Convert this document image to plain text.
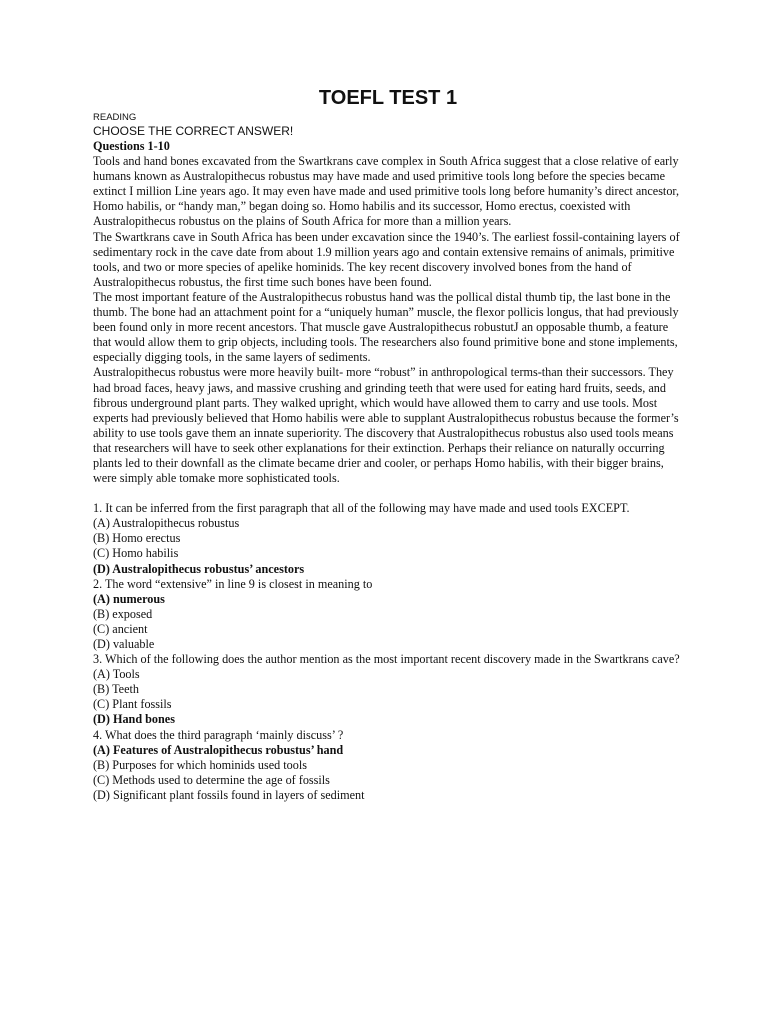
TOEFL TEST 1
READING
CHOOSE THE CORRECT ANSWER!
Questions 1-10

Tools and hand bones excavated from the Swartkrans cave complex in South Africa suggest that a close relative of early humans known as Australopithecus robustus may have made and used primitive tools long before the species became extinct I million Line years ago. It may even have made and used primitive tools long before humanity’s direct ancestor, Homo habilis, or “handy man,” began doing so. Homo habilis and its successor, Homo erectus, coexisted with Australopithecus robustus on the plains of South Africa for more than a million years.

The Swartkrans cave in South Africa has been under excavation since the 1940’s. The earliest fossil-containing layers of sedimentary rock in the cave date from about 1.9 million years ago and contain extensive remains of animals, primitive tools, and two or more species of apelike hominids. The key recent discovery involved bones from the hand of Australopithecus robustus, the first time such bones have been found.

The most important feature of the Australopithecus robustus hand was the pollical distal thumb tip, the last bone in the thumb. The bone had an attachment point for a “uniquely human” muscle, the flexor pollicis longus, that had previously been found only in more recent ancestors. That muscle gave Australopithecus robustutJ an opposable thumb, a feature that would allow them to grip objects, including tools. The researchers also found primitive bone and stone implements, especially digging tools, in the same layers of sediments.

Australopithecus robustus were more heavily built- more “robust” in anthropological terms-than their successors. They had broad faces, heavy jaws, and massive crushing and grinding teeth that were used for eating hard fruits, seeds, and fibrous underground plant parts. They walked upright, which would have allowed them to carry and use tools. Most experts had previously believed that Homo habilis were able to supplant Australopithecus robustus because the former’s ability to use tools gave them an innate superiority. The discovery that Australopithecus robustus also used tools means that researchers will have to seek other explanations for their extinction. Perhaps their reliance on naturally occurring plants led to their downfall as the climate became drier and cooler, or perhaps Homo habilis, with their bigger brains, were simply able tomake more sophisticated tools.

1. It can be inferred from the first paragraph that all of the following may have made and used tools EXCEPT.

(A) Australopithecus robustus

(B) Homo erectus

(C) Homo habilis

(D) Australopithecus robustus’ ancestors

2. The word “extensive” in line 9 is closest in meaning to

(A) numerous

(B) exposed

(C) ancient

(D) valuable

3. Which of the following does the author mention as the most important recent discovery made in the Swartkrans cave?

(A) Tools

(B) Teeth

(C) Plant fossils

(D) Hand bones

4. What does the third paragraph ‘mainly discuss’ ?

(A) Features of Australopithecus robustus’ hand

(B) Purposes for which hominids used tools

(C) Methods used to determine the age of fossils

(D) Significant plant fossils found in layers of sediment
